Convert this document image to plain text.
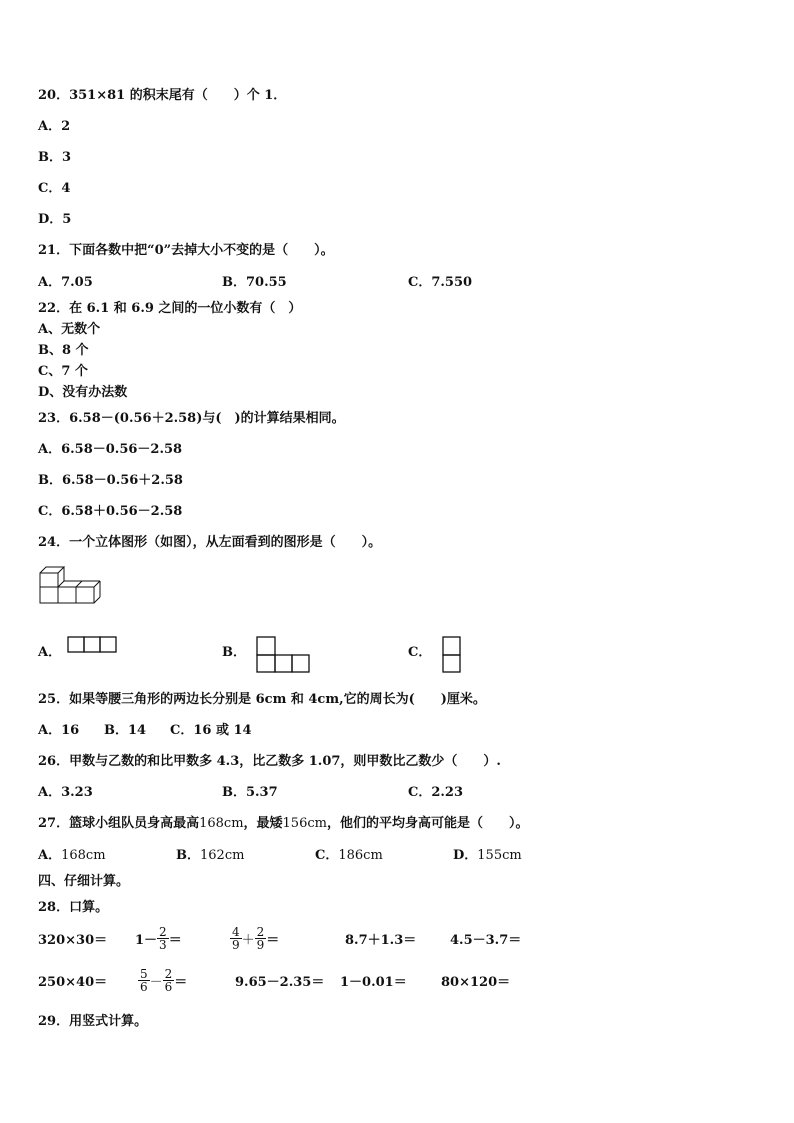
20．351×81 的积末尾有（　　）个 1．
A．2
B．3
C．4
D．5
21．下面各数中把“0”去掉大小不变的是（　　）。
A．7.05	B．70.55	C．7.550
22．在 6.1 和 6.9 之间的一位小数有（　）
A、无数个
B、8 个
C、7 个
D、没有办法数
23．6.58－(0.56＋2.58)与(　)的计算结果相同。
A．6.58－0.56－2.58
B．6.58－0.56＋2.58
C．6.58＋0.56－2.58
24．一个立体图形（如图），从左面看到的图形是（　　）。
A．	B．	C．
25．如果等腰三角形的两边长分别是 6cm 和 4cm,它的周长为(　　)厘米。
A．16 B．14 C．16 或 14
26．甲数与乙数的和比甲数多 4.3，比乙数多 1.07，则甲数比乙数少（　　）.
A．3.23	B．5.37	C．2.23
27．篮球小组队员身高最高168cm，最矮156cm，他们的平均身高可能是（　　）。
A．168cm	B．162cm	C．186cm	D．155cm
四、仔细计算。
28．口算。
$320\times 30= 1- \frac{2}{3}$ ＝	$\frac{4}{9} + \frac{2}{9}$ ＝	8.7＋1.3＝	4.5－3.7＝
250×40＝	$\frac{5}{6} - \frac{2}{6}$ ＝	9.65－2.35＝ 1－0.01＝	80×120＝
29．用竖式计算。
